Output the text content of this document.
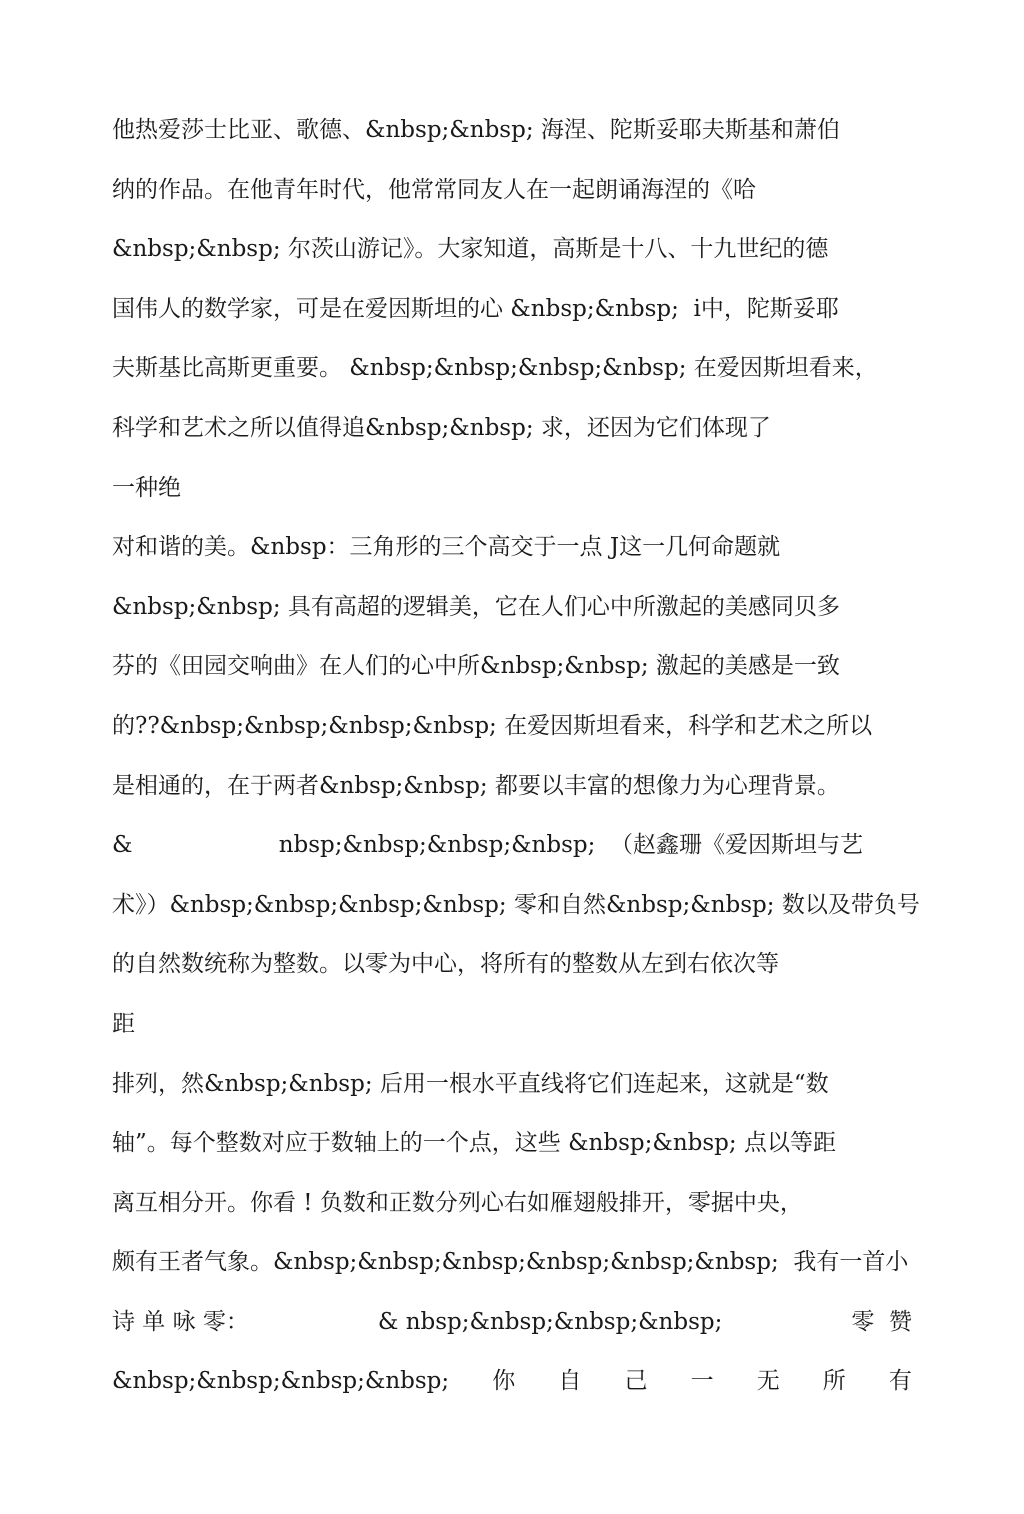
他热爱莎士比亚、歌德、&nbsp;&nbsp; 海涅、陀斯妥耶夫斯基和萧伯
纳的作品。在他青年时代，他常常同友人在一起朗诵海涅的《哈
&nbsp;&nbsp; 尔茨山游记》。大家知道，高斯是十八、十九世纪的德
国伟人的数学家，可是在爱因斯坦的心 &nbsp;&nbsp;  i中，陀斯妥耶
夫斯基比高斯更重要。 &nbsp;&nbsp;&nbsp;&nbsp; 在爱因斯坦看来，
科学和艺术之所以值得追&nbsp;&nbsp; 求，还因为它们体现了
一种绝
对和谐的美。&nbsp：三角形的三个高交于一点 J这一几何命题就
&nbsp;&nbsp; 具有高超的逻辑美，它在人们心中所激起的美感同贝多
芬的《田园交响曲》在人们的心中所&nbsp;&nbsp; 激起的美感是一致
的??&nbsp;&nbsp;&nbsp;&nbsp; 在爱因斯坦看来，科学和艺术之所以
是相通的，在于两者&nbsp;&nbsp; 都要以丰富的想像力为心理背景。
&                    nbsp;&nbsp;&nbsp;&nbsp;  （赵鑫珊《爱因斯坦与艺
术》）&nbsp;&nbsp;&nbsp;&nbsp; 零和自然&nbsp;&nbsp; 数以及带负号
的自然数统称为整数。以零为中心，将所有的整数从左到右依次等
距
排列，然&nbsp;&nbsp; 后用一根水平直线将它们连起来，这就是“数
轴”。每个整数对应于数轴上的一个点，这些 &nbsp;&nbsp; 点以等距
离互相分开。你看 ! 负数和正数分列心右如雁翅般排开，零据中央，
颇有王者气象。&nbsp;&nbsp;&nbsp;&nbsp;&nbsp;&nbsp;  我有一首小
诗 单 咏 零：	& nbsp;&nbsp;&nbsp;&nbsp;	零  赞
&nbsp;&nbsp;&nbsp;&nbsp; 你 自 己 一 无 所 有
